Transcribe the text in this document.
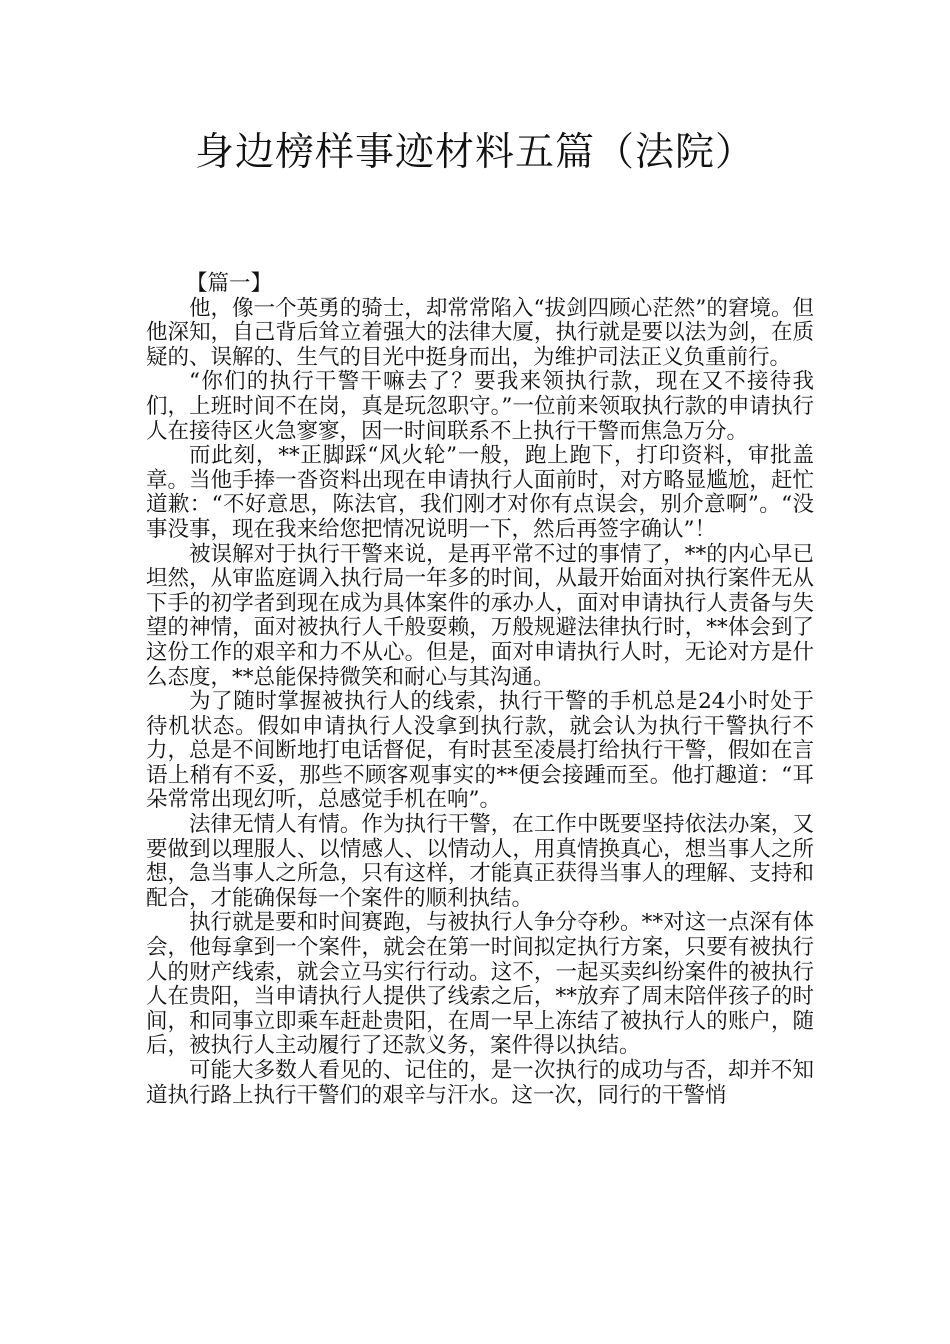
身边榜样事迹材料五篇（法院）

【篇一】

他，像一个英勇的骑士，却常常陷入“拔剑四顾心茫然”的窘境。但他深知，自己背后耸立着强大的法律大厦，执行就是要以法为剑，在质疑的、误解的、生气的目光中挺身而出，为维护司法正义负重前行。

“你们的执行干警干嘛去了？要我来领执行款，现在又不接待我们，上班时间不在岗，真是玩忽职守。”一位前来领取执行款的申请执行人在接待区火急寥寥，因一时间联系不上执行干警而焦急万分。

而此刻，**正脚踩“风火轮”一般，跑上跑下，打印资料，审批盖章。当他手捧一沓资料出现在申请执行人面前时，对方略显尴尬，赶忙道歉：“不好意思，陈法官，我们刚才对你有点误会，别介意啊”。“没事没事，现在我来给您把情况说明一下，然后再签字确认”！

被误解对于执行干警来说，是再平常不过的事情了，**的内心早已坦然，从审监庭调入执行局一年多的时间，从最开始面对执行案件无从下手的初学者到现在成为具体案件的承办人，面对申请执行人责备与失望的神情，面对被执行人千般耍赖，万般规避法律执行时，**体会到了这份工作的艰辛和力不从心。但是，面对申请执行人时，无论对方是什么态度，**总能保持微笑和耐心与其沟通。

为了随时掌握被执行人的线索，执行干警的手机总是24小时处于待机状态。假如申请执行人没拿到执行款，就会认为执行干警执行不力，总是不间断地打电话督促，有时甚至凌晨打给执行干警，假如在言语上稍有不妥，那些不顾客观事实的**便会接踵而至。他打趣道：“耳朵常常出现幻听，总感觉手机在响”。

法律无情人有情。作为执行干警，在工作中既要坚持依法办案，又要做到以理服人、以情感人、以情动人，用真情换真心，想当事人之所想，急当事人之所急，只有这样，才能真正获得当事人的理解、支持和配合，才能确保每一个案件的顺利执结。

执行就是要和时间赛跑，与被执行人争分夺秒。**对这一点深有体会，他每拿到一个案件，就会在第一时间拟定执行方案，只要有被执行人的财产线索，就会立马实行行动。这不，一起买卖纠纷案件的被执行人在贵阳，当申请执行人提供了线索之后，**放弃了周末陪伴孩子的时间，和同事立即乘车赶赴贵阳，在周一早上冻结了被执行人的账户，随后，被执行人主动履行了还款义务，案件得以执结。

可能大多数人看见的、记住的，是一次执行的成功与否，却并不知道执行路上执行干警们的艰辛与汗水。这一次，同行的干警悄
